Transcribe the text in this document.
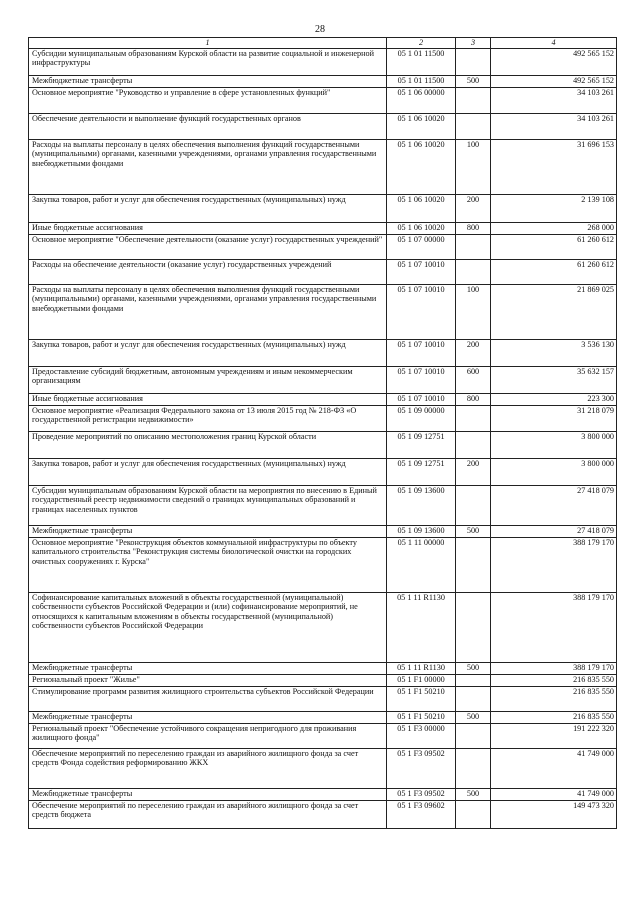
28
1	2	3	4
Субсидии муниципальным образованиям Курской области на развитие социальной и инженерной инфраструктуры	05 1 01 11500		492 565 152
Межбюджетные трансферты	05 1 01 11500	500	492 565 152
Основное мероприятие "Руководство и управление в сфере установленных функций"	05 1 06 00000		34 103 261
Обеспечение деятельности и выполнение функций государственных органов	05 1 06 10020		34 103 261
Расходы на выплаты персоналу в целях обеспечения выполнения функций государственными (муниципальными) органами, казенными учреждениями, органами управления государственными внебюджетными фондами	05 1 06 10020	100	31 696 153
Закупка товаров, работ и услуг для обеспечения государственных (муниципальных) нужд	05 1 06 10020	200	2 139 108
Иные бюджетные ассигнования	05 1 06 10020	800	268 000
Основное мероприятие "Обеспечение деятельности (оказание услуг) государственных учреждений"	05 1 07 00000		61 260 612
Расходы на обеспечение деятельности (оказание услуг) государственных учреждений	05 1 07 10010		61 260 612
Расходы на выплаты персоналу в целях обеспечения выполнения функций государственными (муниципальными) органами, казенными учреждениями, органами управления государственными внебюджетными фондами	05 1 07 10010	100	21 869 025
Закупка товаров, работ и услуг для обеспечения государственных (муниципальных) нужд	05 1 07 10010	200	3 536 130
Предоставление субсидий бюджетным, автономным учреждениям и иным некоммерческим организациям	05 1 07 10010	600	35 632 157
Иные бюджетные ассигнования	05 1 07 10010	800	223 300
Основное мероприятие «Реализация Федерального закона от 13 июля 2015 год № 218-ФЗ «О государственной регистрации недвижимости»	05 1 09 00000		31 218 079
Проведение мероприятий по описанию местоположения границ Курской области	05 1 09 12751		3 800 000
Закупка товаров, работ и услуг для обеспечения государственных (муниципальных) нужд	05 1 09 12751	200	3 800 000
Субсидии муниципальным образованиям Курской области на мероприятия по внесению в Единый государственный реестр недвижимости сведений о границах муниципальных образований и границах населенных пунктов	05 1 09 13600		27 418 079
Межбюджетные трансферты	05 1 09 13600	500	27 418 079
Основное мероприятие "Реконструкция объектов коммунальной инфраструктуры по объекту капитального строительства "Реконструкция системы биологической очистки на городских очистных сооружениях г. Курска"	05 1 11 00000		388 179 170
Софинансирование капитальных вложений в объекты государственной (муниципальной) собственности субъектов Российской Федерации и (или) софинансирование мероприятий, не относящихся к капитальным вложениям в объекты государственной (муниципальной) собственности субъектов Российской Федерации	05 1 11 R1130		388 179 170
Межбюджетные трансферты	05 1 11 R1130	500	388 179 170
Региональный проект "Жилье"	05 1 F1 00000		216 835 550
Стимулирование программ развития жилищного строительства субъектов Российской Федерации	05 1 F1 50210		216 835 550
Межбюджетные трансферты	05 1 F1 50210	500	216 835 550
Региональный проект "Обеспечение устойчивого сокращения непригодного для проживания жилищного фонда"	05 1 F3 00000		191 222 320
Обеспечение мероприятий по переселению граждан из аварийного жилищного фонда за счет средств Фонда содействия реформированию ЖКХ	05 1 F3 09502		41 749 000
Межбюджетные трансферты	05 1 F3 09502	500	41 749 000
Обеспечение мероприятий по переселению граждан из аварийного жилищного фонда за счет средств бюджета	05 1 F3 09602		149 473 320
